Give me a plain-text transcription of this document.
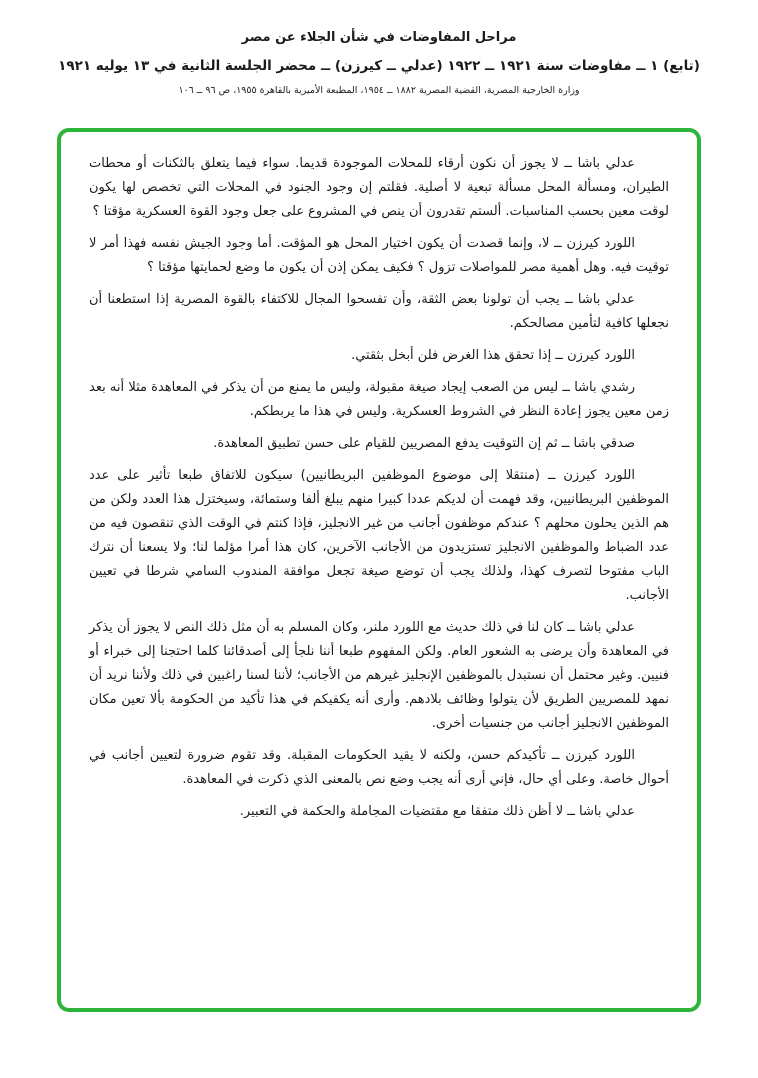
مراحل المفاوضات في شأن الجلاء عن مصر
(تابع) ١ ــ مفاوضات سنة ١٩٢١ ــ ١٩٢٢ (عدلي ــ كيرزن) ــ محضر الجلسة الثانية في ١٣ يوليه ١٩٢١
وزارة الخارجية المصرية، القضية المصرية ١٨٨٢ ــ ١٩٥٤، المطبعة الأميرية بالقاهرة ١٩٥٥، ص ٩٦ ــ ١٠٦

عدلي باشا ــ لا يجوز أن نكون أرقاء للمحلات الموجودة قديما. سواء فيما يتعلق بالثكنات أو محطات الطيران، ومسألة المحل مسألة تبعية لا أصلية. فقلتم إن وجود الجنود في المحلات التي تخصص لها يكون لوقت معين بحسب المناسبات. ألستم تقدرون أن ينص في المشروع على جعل وجود القوة العسكرية مؤقتا ؟

اللورد كيرزن ــ لا، وإنما قصدت أن يكون اختيار المحل هو المؤقت. أما وجود الجيش نفسه فهذا أمر لا توقيت فيه. وهل أهمية مصر للمواصلات تزول ؟ فكيف يمكن إذن أن يكون ما وضع لحمايتها مؤقتا ؟

عدلي باشا ــ يجب أن تولونا بعض الثقة، وأن تفسحوا المجال للاكتفاء بالقوة المصرية إذا استطعنا أن نجعلها كافية لتأمين مصالحكم.

اللورد كيرزن ــ إذا تحقق هذا الغرض فلن أبخل بثقتي.

رشدي باشا ــ ليس من الصعب إيجاد صيغة مقبولة، وليس ما يمنع من أن يذكر في المعاهدة مثلا أنه بعد زمن معين يجوز إعادة النظر في الشروط العسكرية. وليس في هذا ما يربطكم.

صدقي باشا ــ ثم إن التوقيت يدفع المصريين للقيام على حسن تطبيق المعاهدة.

اللورد كيرزن ــ (منتقلا إلى موضوع الموظفين البريطانيين) سيكون للاتفاق طبعا تأثير على عدد الموظفين البريطانيين، وقد فهمت أن لديكم عددا كبيرا منهم يبلغ ألفا وستمائة، وسيختزل هذا العدد ولكن من هم الذين يحلون محلهم ؟ عندكم موظفون أجانب من غير الانجليز، فإذا كنتم في الوقت الذي تنقصون فيه من عدد الضباط والموظفين الانجليز تستزيدون من الأجانب الآخرين، كان هذا أمرا مؤلما لنا؛ ولا يسعنا أن نترك الباب مفتوحا لتصرف كهذا، ولذلك يجب أن توضع صيغة تجعل موافقة المندوب السامي شرطا في تعيين الأجانب.

عدلي باشا ــ كان لنا في ذلك حديث مع اللورد ملنر، وكان المسلم به أن مثل ذلك النص لا يجوز أن يذكر في المعاهدة وأن يرضى به الشعور العام. ولكن المفهوم طبعا أننا نلجأ إلى أصدقائنا كلما احتجنا إلى خبراء أو فنيين. وغير محتمل أن نستبدل بالموظفين الإنجليز غيرهم من الأجانب؛ لأننا لسنا راغبين في ذلك ولأننا نريد أن نمهد للمصريين الطريق لأن يتولوا وظائف بلادهم. وأرى أنه يكفيكم في هذا تأكيد من الحكومة بألا تعين مكان الموظفين الانجليز أجانب من جنسيات أخرى.

اللورد كيرزن ــ تأكيدكم حسن، ولكنه لا يقيد الحكومات المقبلة. وقد تقوم ضرورة لتعيين أجانب في أحوال خاصة. وعلى أي حال، فإني أرى أنه يجب وضع نص بالمعنى الذي ذكرت في المعاهدة.

عدلي باشا ــ لا أظن ذلك متفقا مع مقتضيات المجاملة والحكمة في التعبير.
